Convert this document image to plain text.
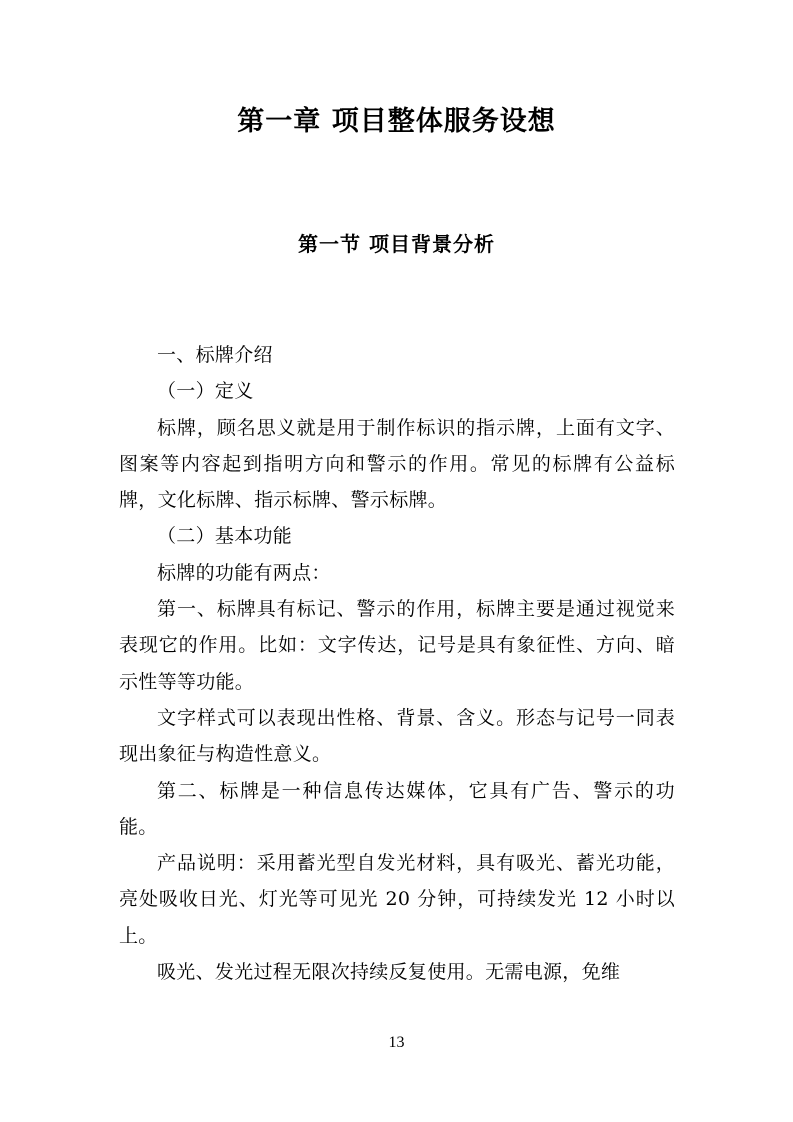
第一章 项目整体服务设想
第一节 项目背景分析

一、标牌介绍

（一）定义

标牌，顾名思义就是用于制作标识的指示牌，上面有文字、图案等内容起到指明方向和警示的作用。常见的标牌有公益标牌，文化标牌、指示标牌、警示标牌。

（二）基本功能

标牌的功能有两点：

第一、标牌具有标记、警示的作用，标牌主要是通过视觉来表现它的作用。比如：文字传达，记号是具有象征性、方向、暗示性等等功能。

文字样式可以表现出性格、背景、含义。形态与记号一同表现出象征与构造性意义。

第二、标牌是一种信息传达媒体，它具有广告、警示的功能。

产品说明：采用蓄光型自发光材料，具有吸光、蓄光功能，亮处吸收日光、灯光等可见光 20 分钟，可持续发光 12 小时以上。

吸光、发光过程无限次持续反复使用。无需电源，免维

13
